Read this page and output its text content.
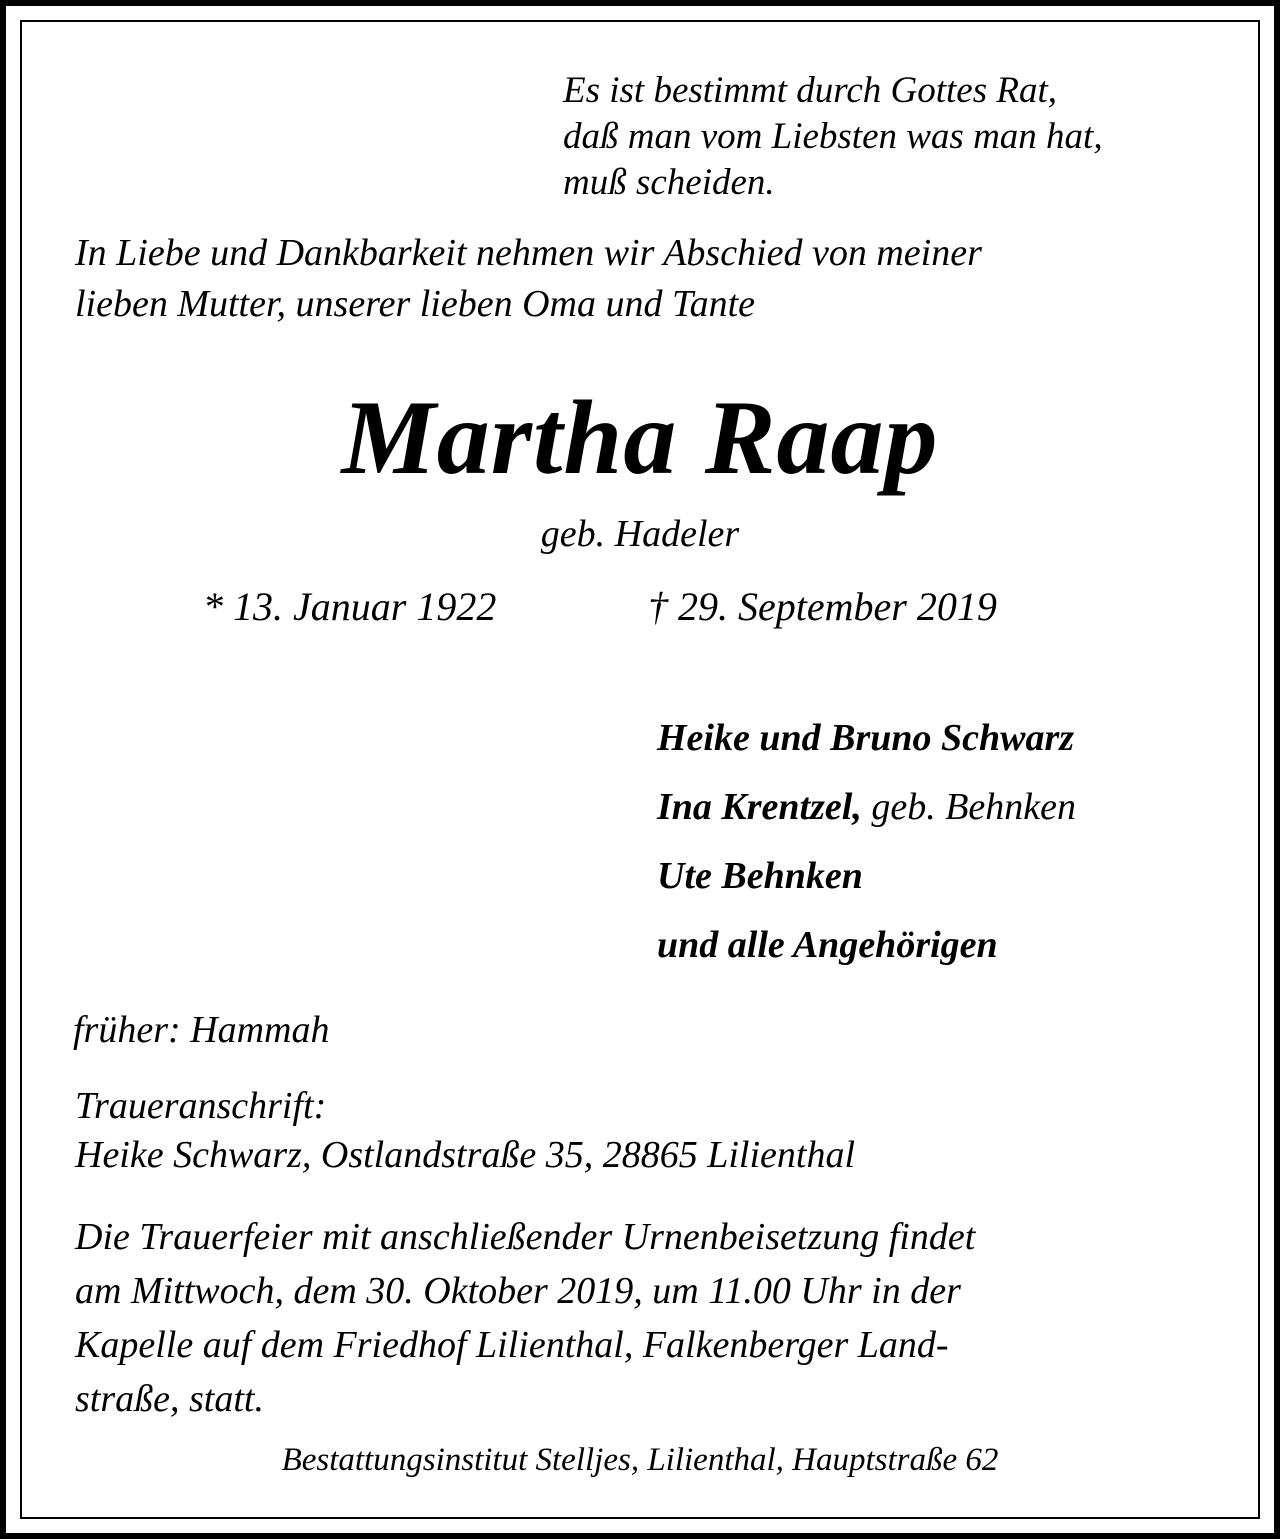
Es ist bestimmt durch Gottes Rat,
daß man vom Liebsten was man hat,
muß scheiden.
In Liebe und Dankbarkeit nehmen wir Abschied von meiner
lieben Mutter, unserer lieben Oma und Tante
Martha Raap
geb. Hadeler
* 13. Januar 1922	† 29. September 2019
Heike und Bruno Schwarz
Ina Krentzel, geb. Behnken
Ute Behnken
und alle Angehörigen
früher: Hammah
Traueranschrift:
Heike Schwarz, Ostlandstraße 35, 28865 Lilienthal
Die Trauerfeier mit anschließender Urnenbeisetzung findet
am Mittwoch, dem 30. Oktober 2019, um 11.00 Uhr in der
Kapelle auf dem Friedhof Lilienthal, Falkenberger Land-
straße, statt.
Bestattungsinstitut Stelljes, Lilienthal, Hauptstraße 62
